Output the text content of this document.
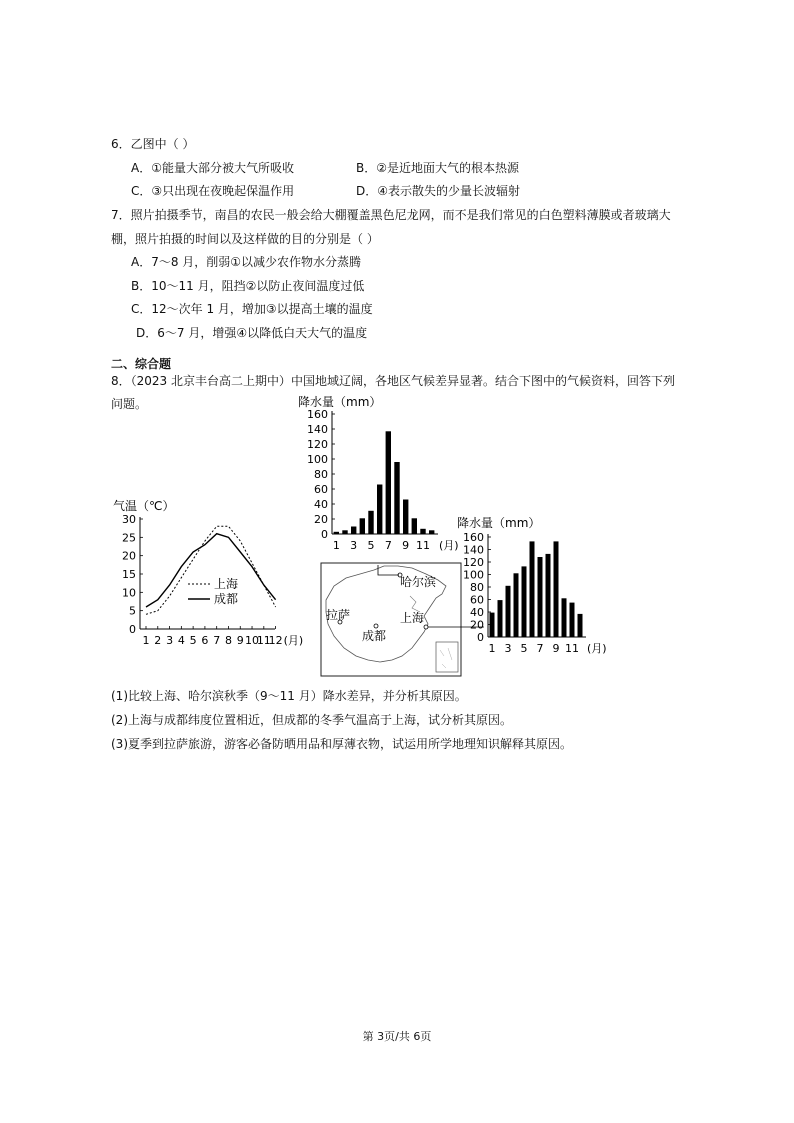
6．乙图中（ ）
A．①能量大部分被大气所吸收	B．②是近地面大气的根本热源
C．③只出现在夜晚起保温作用	D．④表示散失的少量长波辐射
7．照片拍摄季节，南昌的农民一般会给大棚覆盖黑色尼龙网，而不是我们常见的白色塑料薄膜或者玻璃大
棚，照片拍摄的时间以及这样做的目的分别是（ ）
A．7～8 月，削弱①以减少农作物水分蒸腾
B．10～11 月，阻挡②以防止夜间温度过低
C．12～次年 1 月，增加③以提高土壤的温度
D．6～7 月，增强④以降低白天大气的温度
二、综合题
8．（2023 北京丰台高二上期中）中国地域辽阔，各地区气候差异显著。结合下图中的气候资料，回答下列
问题。
气温（℃）
0
5
10
15
20
25
30
1 2 3 4 5 6 7 8 9 10
11
12 (月)
上海
成都
降水量（mm）
0
20
40
60
80
100
120
140
160
1 3 5 7 9 11 (月)
降水量（mm）
0
20
40
60
80
100
120
140
160
1 3 5 7 9 11 (月)
哈尔滨
拉萨
成都
上海
(1)比较上海、哈尔滨秋季（9～11 月）降水差异，并分析其原因。
(2)上海与成都纬度位置相近，但成都的冬季气温高于上海，试分析其原因。
(3)夏季到拉萨旅游，游客必备防晒用品和厚薄衣物，试运用所学地理知识解释其原因。
第 3页/共 6页
